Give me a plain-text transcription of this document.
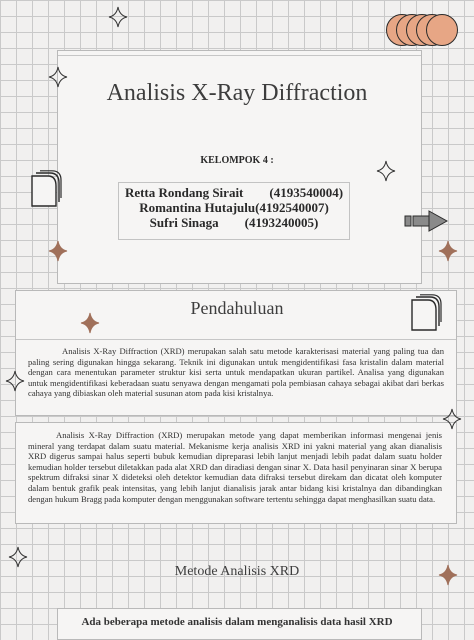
Analisis X-Ray Diffraction
KELOMPOK 4 :
Retta Rondang Sirait        (4193540004)
Romantina Hutajulu(4192540007)
Sufri Sinaga        (4193240005)
Pendahuluan

Analisis X-Ray Diffraction (XRD) merupakan salah satu metode karakterisasi material yang paling tua dan paling sering digunakan hingga sekarang. Teknik ini digunakan untuk mengidentifikasi fasa kristalin dalam material dengan cara menentukan parameter struktur kisi serta untuk mendapatkan ukuran partikel. Analisa yang digunakan untuk mengidentifikasi keberadaan suatu senyawa dengan mengamati pola pembiasan cahaya sebagai akibat dari berkas cahaya yang dibiaskan oleh material susunan atom pada kisi kristalnya.

Analisis X-Ray Diffraction (XRD) merupakan metode yang dapat memberikan informasi mengenai jenis mineral yang terdapat dalam suatu material. Mekanisme kerja analisis XRD ini yakni material yang akan dianalisis XRD digerus sampai halus seperti bubuk kemudian dipreparasi lebih lanjut menjadi lebih padat dalam suatu holder kemudian holder tersebut diletakkan pada alat XRD dan diradiasi dengan sinar X. Data hasil penyinaran sinar X berupa spektrum difraksi sinar X dideteksi oleh detektor kemudian data difraksi tersebut direkam dan dicatat oleh komputer dalam bentuk grafik peak intensitas, yang lebih lanjut dianalisis jarak antar bidang kisi kristalnya dan dibandingkan dengan hukum Bragg pada komputer dengan menggunakan software tertentu sehingga dapat menghasilkan suatu data.

Metode Analisis XRD
Ada beberapa metode analisis dalam menganalisis data hasil XRD
